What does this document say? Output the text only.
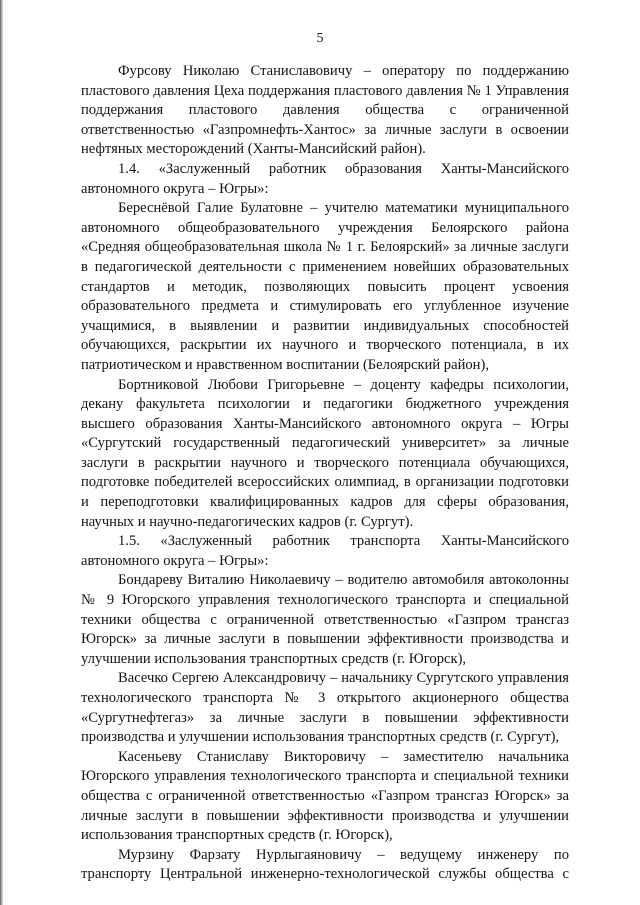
5

Фурсову Николаю Станиславовичу – оператору по поддержанию пластового давления Цеха поддержания пластового давления № 1 Управления поддержания пластового давления общества с ограниченной ответственностью «Газпромнефть-Хантос» за личные заслуги в освоении нефтяных месторождений (Ханты-Мансийский район).

1.4. «Заслуженный работник образования Ханты-Мансийского автономного округа – Югры»:

Береснёвой Галие Булатовне – учителю математики муниципального автономного общеобразовательного учреждения Белоярского района «Средняя общеобразовательная школа № 1 г. Белоярский» за личные заслуги в педагогической деятельности с применением новейших образовательных стандартов и методик, позволяющих повысить процент усвоения образовательного предмета и стимулировать его углубленное изучение учащимися, в выявлении и развитии индивидуальных способностей обучающихся, раскрытии их научного и творческого потенциала, в их патриотическом и нравственном воспитании (Белоярский район),

Бортниковой Любови Григорьевне – доценту кафедры психологии, декану факультета психологии и педагогики бюджетного учреждения высшего образования Ханты-Мансийского автономного округа – Югры «Сургутский государственный педагогический университет» за личные заслуги в раскрытии научного и творческого потенциала обучающихся, подготовке победителей всероссийских олимпиад, в организации подготовки и переподготовки квалифицированных кадров для сферы образования, научных и научно-педагогических кадров (г. Сургут).

1.5. «Заслуженный работник транспорта Ханты-Мансийского автономного округа – Югры»:

Бондареву Виталию Николаевичу – водителю автомобиля автоколонны № 9 Югорского управления технологического транспорта и специальной техники общества с ограниченной ответственностью «Газпром трансгаз Югорск» за личные заслуги в повышении эффективности производства и улучшении использования транспортных средств (г. Югорск),

Васечко Сергею Александровичу – начальнику Сургутского управления технологического транспорта № 3 открытого акционерного общества «Сургутнефтегаз» за личные заслуги в повышении эффективности производства и улучшении использования транспортных средств (г. Сургут),

Касеньеву Станиславу Викторовичу – заместителю начальника Югорского управления технологического транспорта и специальной техники общества с ограниченной ответственностью «Газпром трансгаз Югорск» за личные заслуги в повышении эффективности производства и улучшении использования транспортных средств (г. Югорск),

Мурзину Фарзату Нурлыгаяновичу – ведущему инженеру по транспорту Центральной инженерно-технологической службы общества с
